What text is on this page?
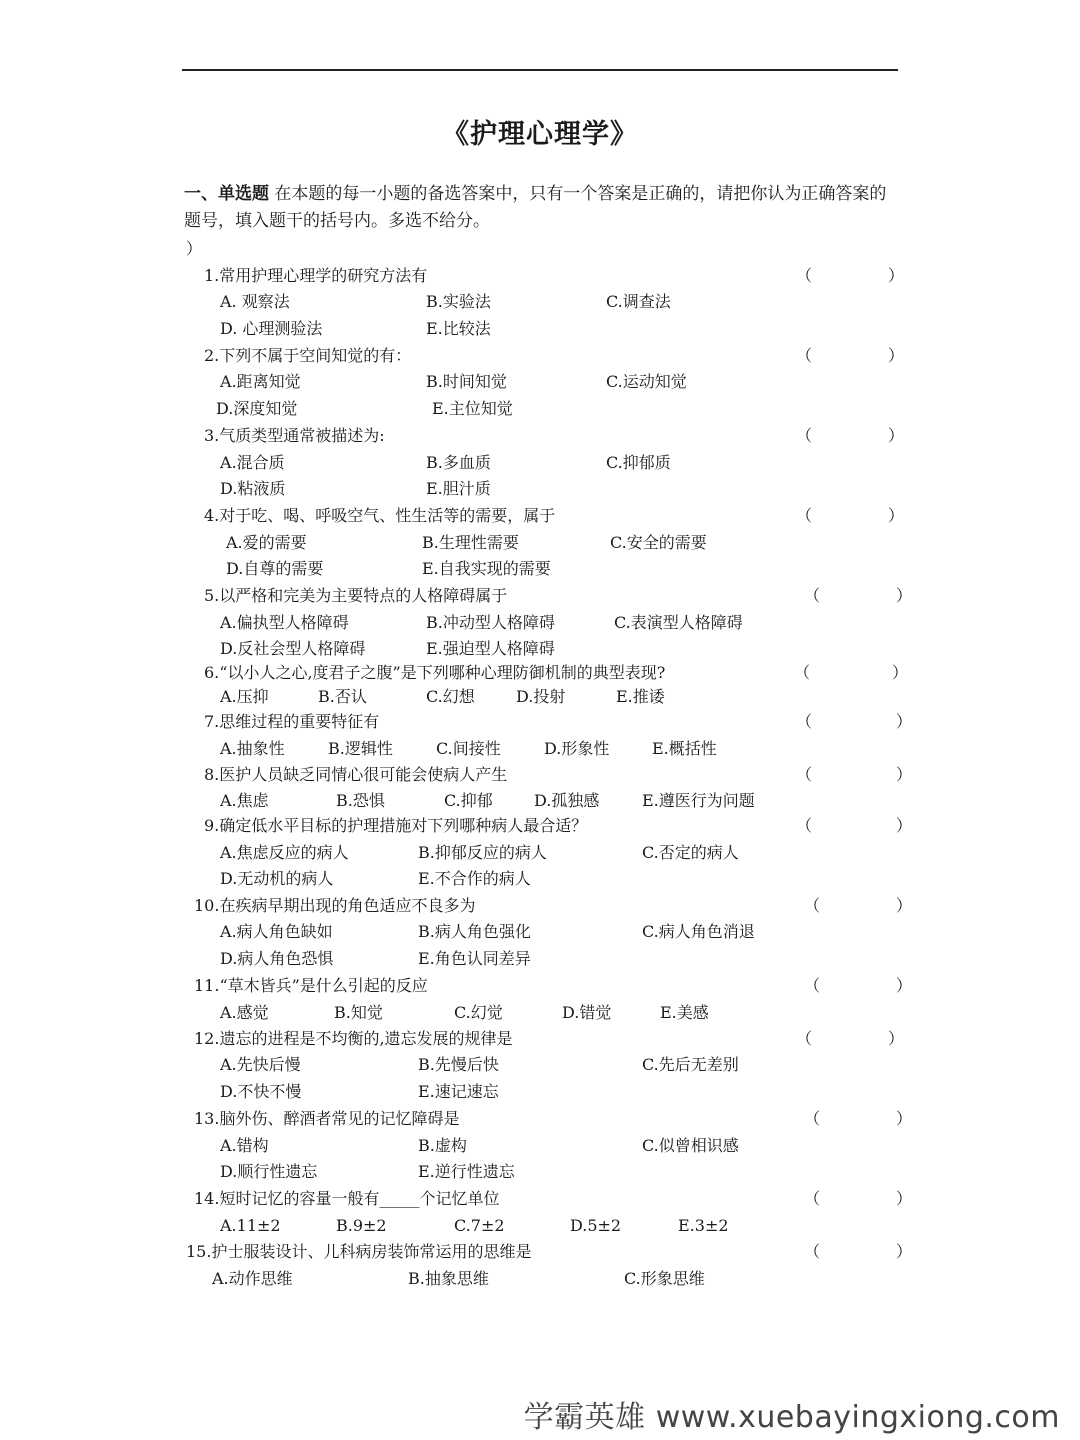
《护理心理学》
一、单选题 在本题的每一小题的备选答案中，只有一个答案是正确的，请把你认为正确答案的题号，填入题干的括号内。多选不给分。
）
1.常用护理心理学的研究方法有	（	）
A. 观察法	B.实验法	C.调查法
D. 心理测验法	E.比较法
2.下列不属于空间知觉的有：	（	）
A.距离知觉	B.时间知觉	C.运动知觉
D.深度知觉	E.主位知觉
3.气质类型通常被描述为:	（	）
A.混合质	B.多血质	C.抑郁质
D.粘液质	E.胆汁质
4.对于吃、喝、呼吸空气、性生活等的需要，属于	（	）
A.爱的需要	B.生理性需要	C.安全的需要
D.自尊的需要	E.自我实现的需要
5.以严格和完美为主要特点的人格障碍属于	（	）
A.偏执型人格障碍	B.冲动型人格障碍	C.表演型人格障碍
D.反社会型人格障碍	E.强迫型人格障碍
6.“以小人之心,度君子之腹”是下列哪种心理防御机制的典型表现?	（	）
A.压抑	B.否认	C.幻想	D.投射	E.推诿
7.思维过程的重要特征有	（	）
A.抽象性	B.逻辑性	C.间接性	D.形象性	E.概括性
8.医护人员缺乏同情心很可能会使病人产生	（	）
A.焦虑	B.恐惧	C.抑郁	D.孤独感	E.遵医行为问题
9.确定低水平目标的护理措施对下列哪种病人最合适？	（	）
A.焦虑反应的病人	B.抑郁反应的病人	C.否定的病人
D.无动机的病人	E.不合作的病人
10.在疾病早期出现的角色适应不良多为	（	）
A.病人角色缺如	B.病人角色强化	C.病人角色消退
D.病人角色恐惧	E.角色认同差异
11.“草木皆兵”是什么引起的反应	（	）
A.感觉	B.知觉	C.幻觉	D.错觉	E.美感
12.遗忘的进程是不均衡的,遗忘发展的规律是	（	）
A.先快后慢	B.先慢后快	C.先后无差别
D.不快不慢	E.速记速忘
13.脑外伤、醉酒者常见的记忆障碍是	（	）
A.错构	B.虚构	C.似曾相识感
D.顺行性遗忘	E.逆行性遗忘
14.短时记忆的容量一般有_____个记忆单位	（	）
A.11±2	B.9±2	C.7±2	D.5±2	E.3±2
15.护士服装设计、儿科病房装饰常运用的思维是	（	）
A.动作思维	B.抽象思维	C.形象思维
学霸英雄 www.xuebayingxiong.com
